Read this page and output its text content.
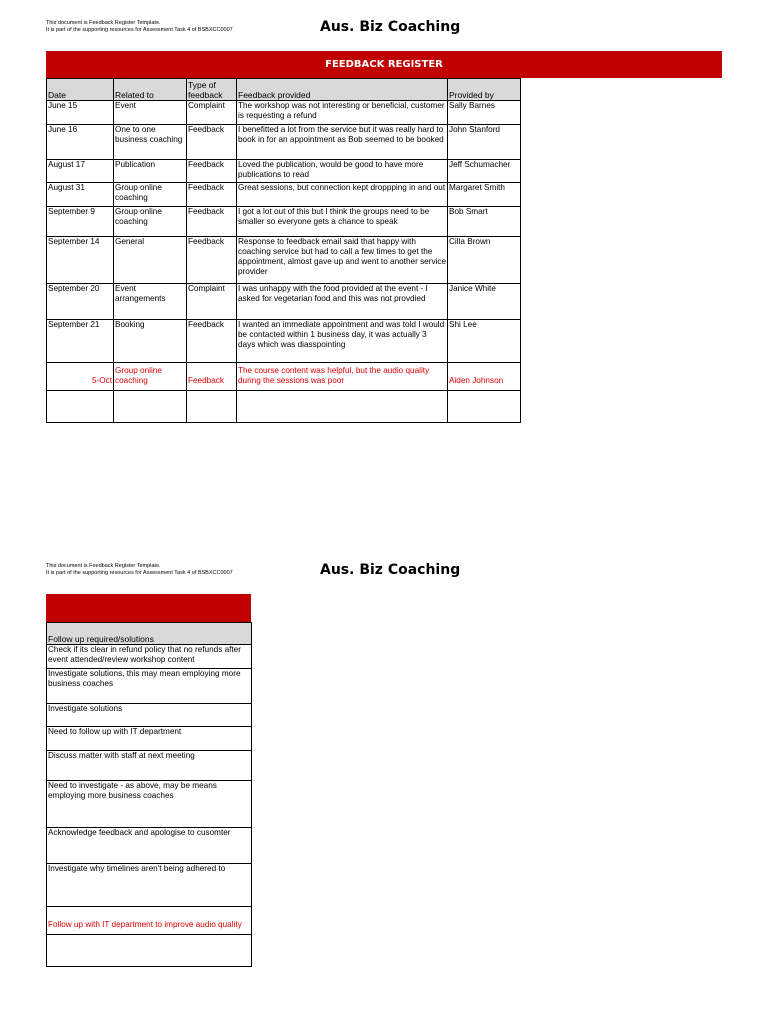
This document is Feedback Register Template.
It is part of the supporting resources for Assessment Task 4 of BSBXCC0007	Aus. Biz Coaching
FEEDBACK REGISTER
Date	Related to	Type of feedback	Feedback provided	Provided by
June 15	Event	Complaint	The workshop was not interesting or beneficial, customer is requesting a refund	Sally Barnes
June 16	One to one business coaching	Feedback	I benefitted a lot from the service but it was really hard to book in for an appointment as Bob seemed to be booked	John Stanford
August 17	Publication	Feedback	Loved the publication, would be good to have more publications to read	Jeff Schumacher
August 31	Group online coaching	Feedback	Great sessions, but connection kept droppping in and out	Margaret Smith
September 9	Group online coaching	Feedback	I got a lot out of this but I think the groups need to be smaller so everyone gets a chance to speak	Bob Smart
September 14	General	Feedback	Response to feedback email said that happy with coaching service but had to call a few times to get the appointment, almost gave up and went to another service provider	Cilla Brown
September 20	Event arrangements	Complaint	I was unhappy with the food provided at the event - I asked for vegetarian food and this was not provdied	Janice White
September 21	Booking	Feedback	I wanted an immediate appointment and was told I would be contacted within 1 business day, it was actually 3 days which was diasspointing	Shi Lee
5-Oct	Group online coaching	Feedback	The course content was helpful, but the audio quality during the sessions was poor	Aiden Johnson

This document is Feedback Register Template.
It is part of the supporting resources for Assessment Task 4 of BSBXCC0007	Aus. Biz Coaching
Follow up required/solutions
Check if its clear in refund policy that no refunds after event attended/review workshop content
Investigate solutions, this may mean employing more business coaches
Investigate solutions
Need to follow up with IT department
Discuss matter with staff at next meeting
Need to investigate - as above, may be means employing more business coaches
Acknowledge feedback and apologise to cusomter
Investigate why timelines aren't being adhered to
Follow up with IT department to improve audio quality
